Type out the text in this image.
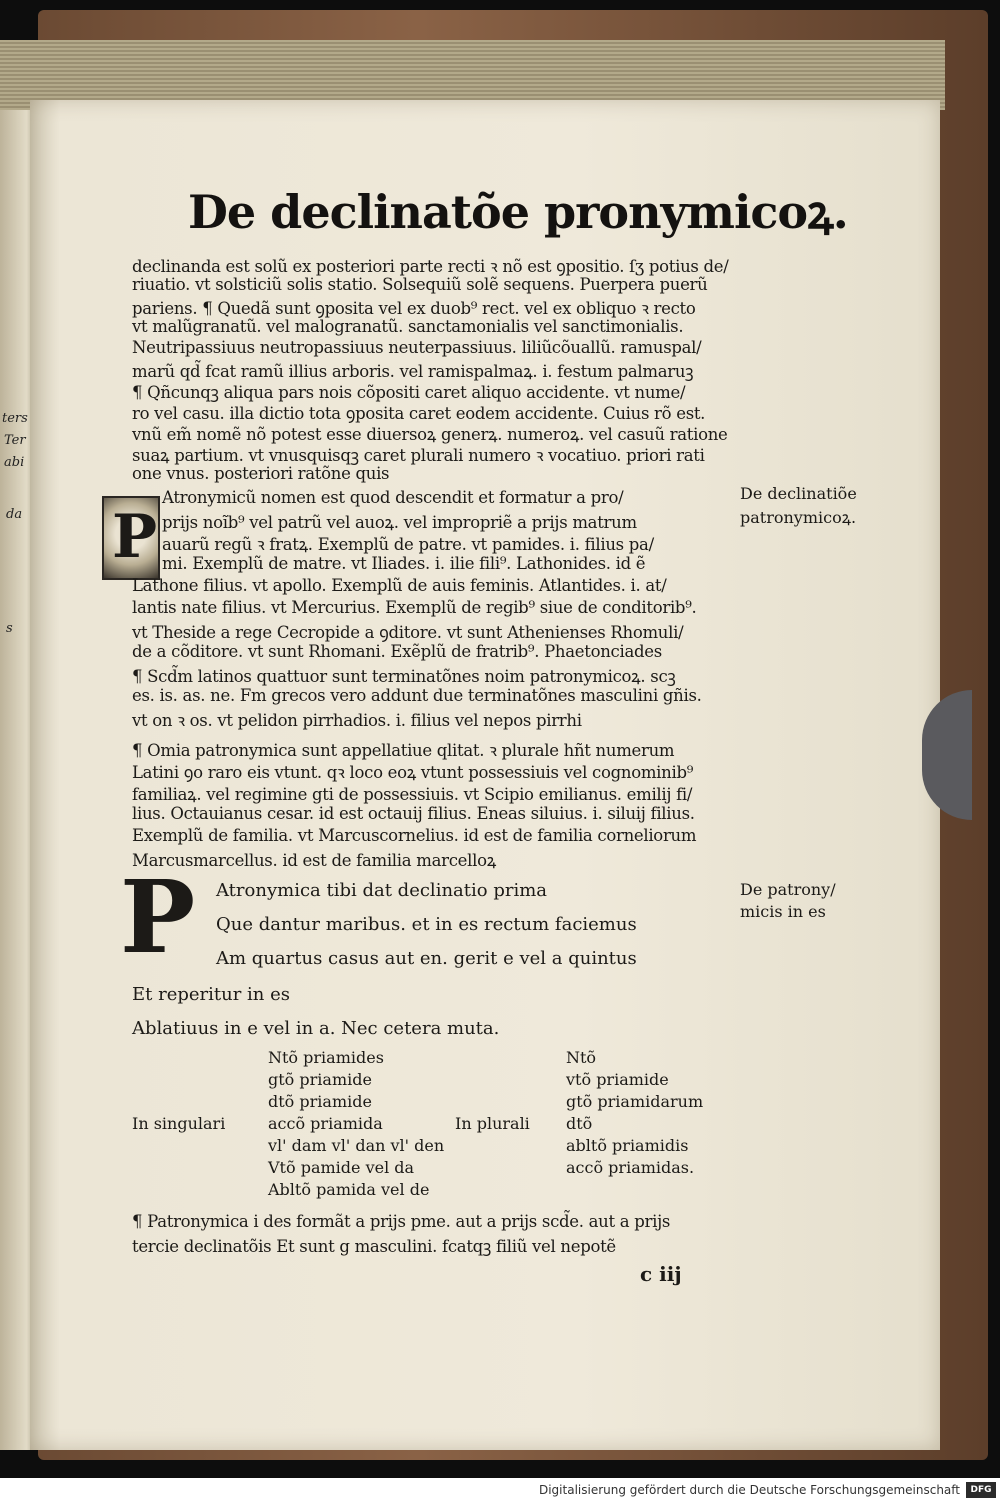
ters
Ter
abi
da
s
De declinatõe pronymicoꝝ.
declinanda est solũ ex posteriori parte recti ꝛ nõ est ꝯpositio. ſʒ potius de/
riuatio. vt solsticiũ solis statio. Solsequiũ solẽ sequens. Puerpera puerũ
pariens. ¶ Quedã sunt ꝯposita vel ex duob⁹ rect. vel ex obliquo ꝛ recto
vt malũgranatũ. vel malogranatũ. sanctamonialis vel sanctimonialis.
Neutripassiuus neutropassiuus neuterpassiuus. liliũcõuallũ. ramuspal/
marũ qd̃ fcat ramũ illius arboris. vel ramispalmaꝝ. i. festum palmaruꝫ
¶ Qñcunqꝫ aliqua pars nois cõpositi caret aliquo accidente. vt nume/
ro vel casu. illa dictio tota ꝯposita caret eodem accidente. Cuius rõ est.
vnũ em̃ nomẽ nõ potest esse diuersoꝝ generꝝ. numeroꝝ. vel casuũ ratione
suaꝝ partium. vt vnusquisqꝫ caret plurali numero ꝛ vocatiuo. priori rati
one vnus. posteriori ratõne quis
De declinatiõe
patronymicoꝝ.
De patrony/
micis in es
P
Atronymicũ nomen est quod descendit et formatur a pro/
prijs noĩb⁹ vel patrũ vel auoꝝ. vel impropriẽ a prijs matrum
auarũ regũ ꝛ fratꝝ. Exemplũ de patre. vt pamides. i. filius pa/
mi. Exemplũ de matre. vt Iliades. i. ilie fili⁹. Lathonides. id ẽ
Lathone filius. vt apollo. Exemplũ de auis feminis. Atlantides. i. at/
lantis nate filius. vt Mercurius. Exemplũ de regib⁹ siue de conditorib⁹.
vt Theside a rege Cecropide a ꝯditore. vt sunt Athenienses Rhomuli/
de a cõditore. vt sunt Rhomani. Exẽplũ de fratrib⁹. Phaetonciades
¶ Scd̃m latinos quattuor sunt terminatõnes noim patronymicoꝝ. scꝫ
es. is. as. ne. Fm grecos vero addunt due terminatõnes masculini gñis.
vt on ꝛ os. vt pelidon pirrhadios. i. filius vel nepos pirrhi
¶ Omia patronymica sunt appellatiue qlitat. ꝛ plurale hñt numerum
Latini ꝯo raro eis vtunt. qꝛ loco eoꝝ vtunt possessiuis vel cognominib⁹
familiaꝝ. vel regimine gti de possessiuis. vt Scipio emilianus. emilij fi/
lius. Octauianus cesar. id est octauij filius. Eneas siluius. i. siluij filius.
Exemplũ de familia. vt Marcuscornelius. id est de familia corneliorum
Marcusmarcellus. id est de familia marcelloꝝ
P Atronymica tibi dat declinatio prima
Que dantur maribus. et in es rectum faciemus
Am quartus casus aut en. gerit e vel a quintus
Et reperitur in es
Ablatiuus in e vel in a. Nec cetera muta.
In singulari	In plurali
Ntõ priamides
gtõ priamide
dtõ priamide
accõ priamida
vl' dam vl' dan vl' den
Vtõ pamide vel da
Abltõ pamida vel de
Ntõ
vtõ priamide
gtõ priamidarum
dtõ
abltõ priamidis
accõ priamidas.
¶ Patronymica i des formãt a prijs pme. aut a prijs scd̃e. aut a prijs
tercie declinatõis Et sunt g masculini. fcatqꝫ filiũ vel nepotẽ
c iij
Digitalisierung gefördert durch die Deutsche Forschungsgemeinschaft	DFG
